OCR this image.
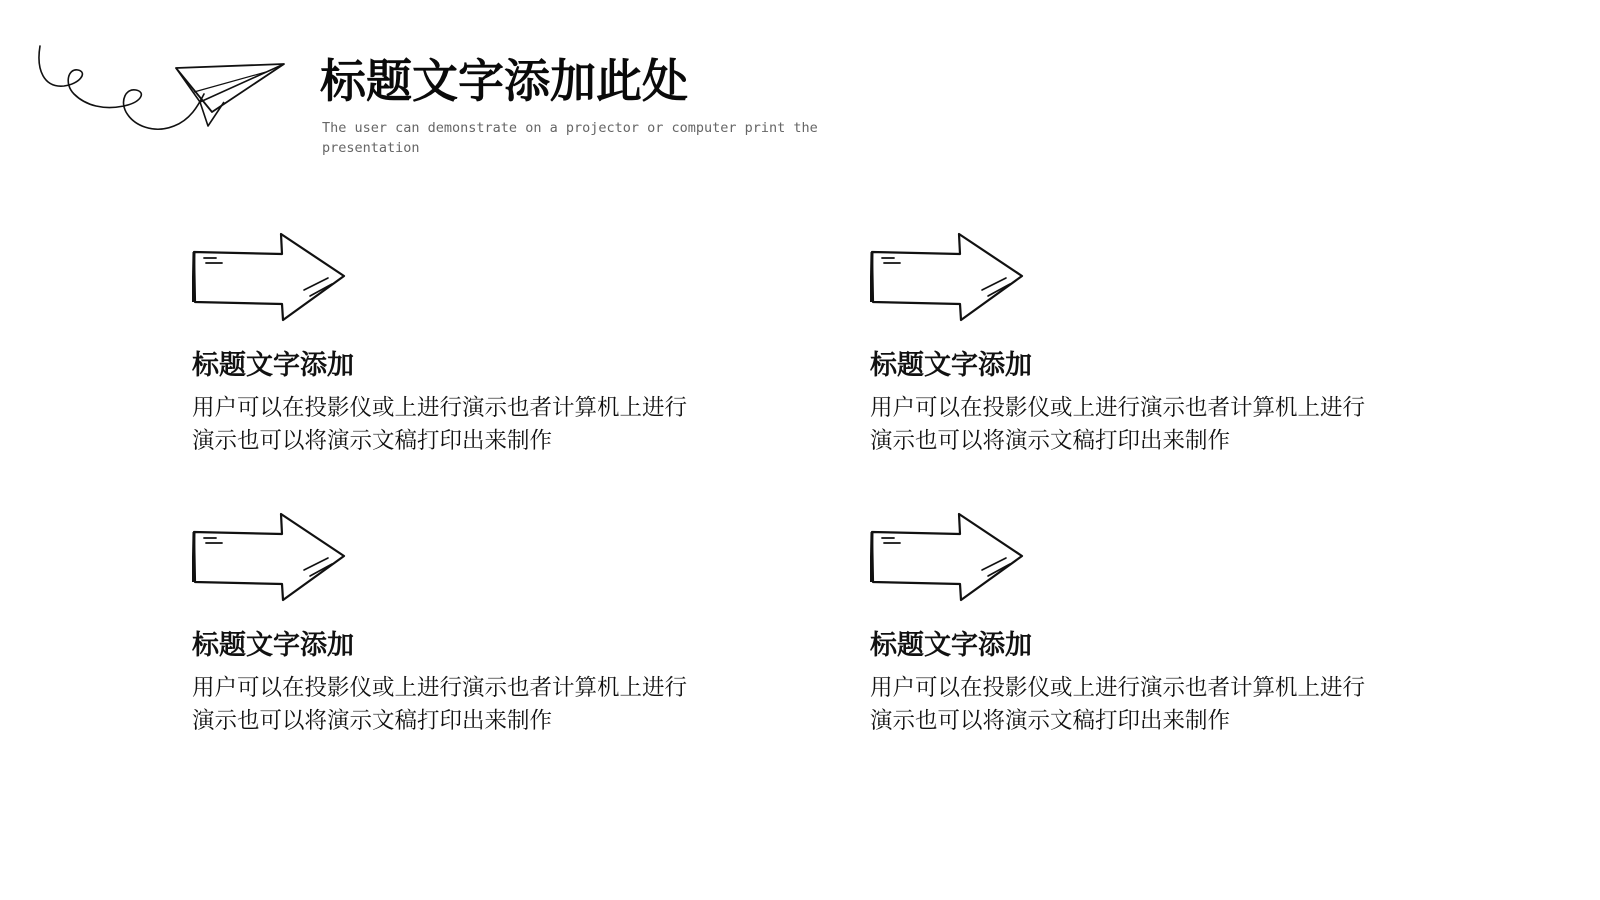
标题文字添加此处

The user can demonstrate on a projector or computer print the presentation

标题文字添加

用户可以在投影仪或上进行演示也者计算机上进行
演示也可以将演示文稿打印出来制作

标题文字添加

用户可以在投影仪或上进行演示也者计算机上进行
演示也可以将演示文稿打印出来制作

标题文字添加

用户可以在投影仪或上进行演示也者计算机上进行
演示也可以将演示文稿打印出来制作

标题文字添加

用户可以在投影仪或上进行演示也者计算机上进行
演示也可以将演示文稿打印出来制作
